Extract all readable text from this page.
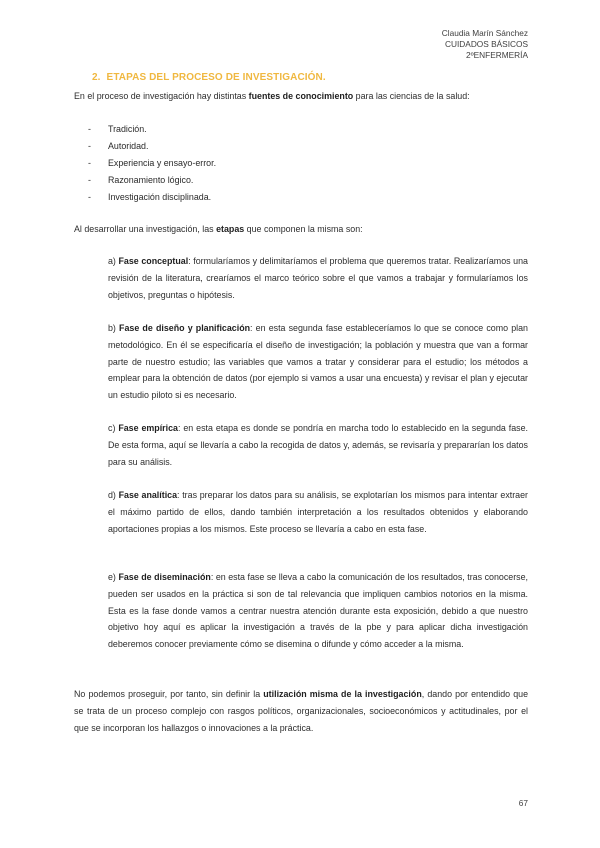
Claudia Marín Sánchez
CUIDADOS BÁSICOS
2ºENFERMERÍA
2. ETAPAS DEL PROCESO DE INVESTIGACIÓN.
En el proceso de investigación hay distintas fuentes de conocimiento para las ciencias de la salud:
-	Tradición.
-	Autoridad.
-	Experiencia y ensayo-error.
-	Razonamiento lógico.
-	Investigación disciplinada.
Al desarrollar una investigación, las etapas que componen la misma son:
a) Fase conceptual: formularíamos y delimitaríamos el problema que queremos tratar. Realizaríamos una revisión de la literatura, crearíamos el marco teórico sobre el que vamos a trabajar y formularíamos los objetivos, preguntas o hipótesis.
b) Fase de diseño y planificación: en esta segunda fase estableceríamos lo que se conoce como plan metodológico. En él se especificaría el diseño de investigación; la población y muestra que van a formar parte de nuestro estudio; las variables que vamos a tratar y considerar para el estudio; los métodos a emplear para la obtención de datos (por ejemplo si vamos a usar una encuesta) y revisar el plan y ejecutar un estudio piloto si es necesario.
c) Fase empírica: en esta etapa es donde se pondría en marcha todo lo establecido en la segunda fase. De esta forma, aquí se llevaría a cabo la recogida de datos y, además, se revisaría y prepararían los datos para su análisis.
d) Fase analítica: tras preparar los datos para su análisis, se explotarían los mismos para intentar extraer el máximo partido de ellos, dando también interpretación a los resultados obtenidos y elaborando aportaciones propias a los mismos. Este proceso se llevaría a cabo en esta fase.
e) Fase de diseminación: en esta fase se lleva a cabo la comunicación de los resultados, tras conocerse, pueden ser usados en la práctica si son de tal relevancia que impliquen cambios notorios en la misma. Esta es la fase donde vamos a centrar nuestra atención durante esta exposición, debido a que nuestro objetivo hoy aquí es aplicar la investigación a través de la pbe y para aplicar dicha investigación deberemos conocer previamente cómo se disemina o difunde y cómo acceder a la misma.
No podemos proseguir, por tanto, sin definir la utilización misma de la investigación, dando por entendido que se trata de un proceso complejo con rasgos políticos, organizacionales, socioeconómicos y actitudinales, por el que se incorporan los hallazgos o innovaciones a la práctica.
67
